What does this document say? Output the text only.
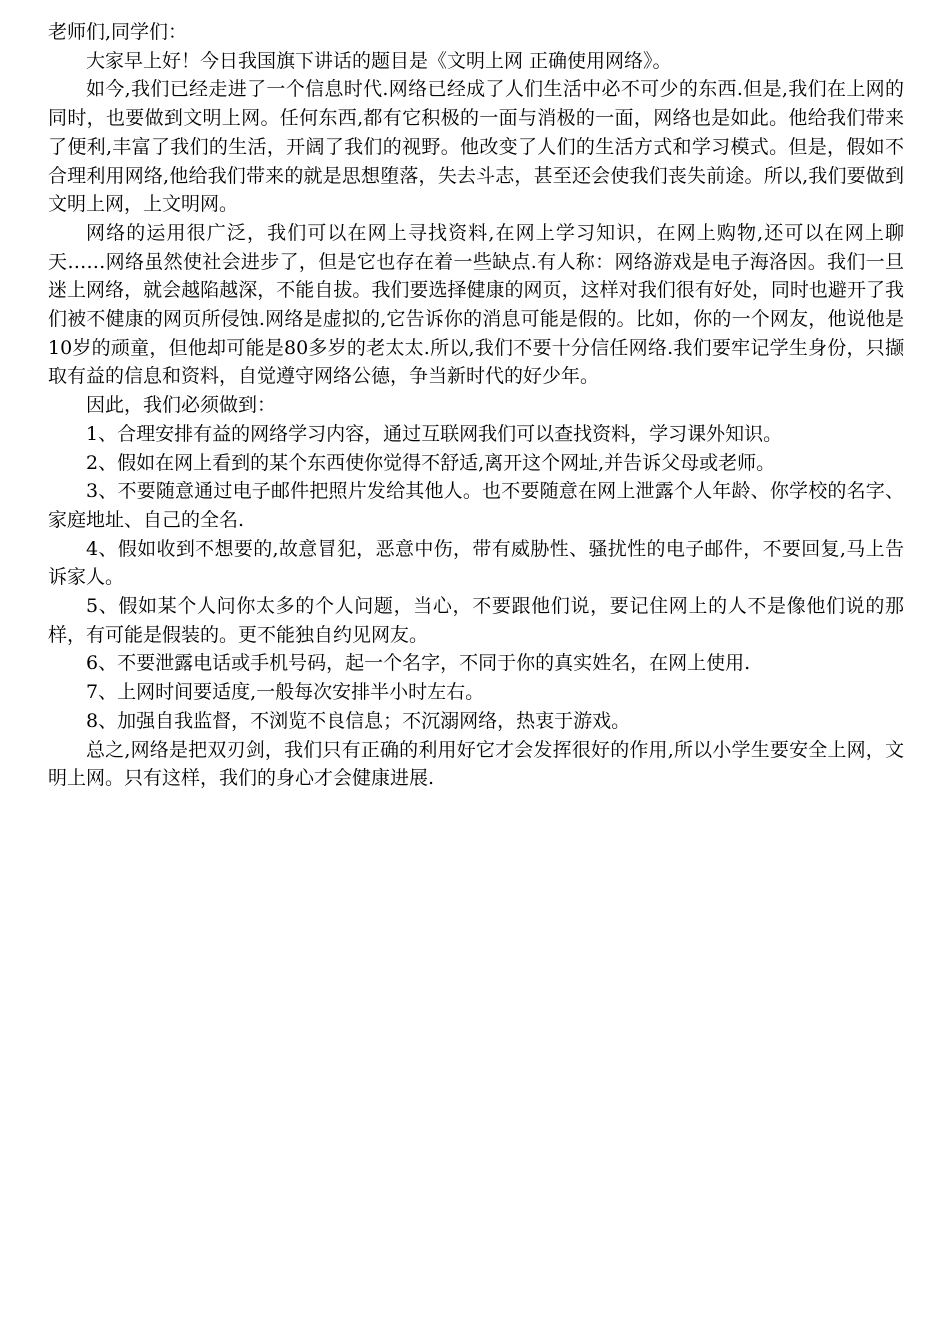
老师们,同学们：

大家早上好！今日我国旗下讲话的题目是《文明上网 正确使用网络》。

如今,我们已经走进了一个信息时代.网络已经成了人们生活中必不可少的东西.但是,我们在上网的同时，也要做到文明上网。任何东西,都有它积极的一面与消极的一面，网络也是如此。他给我们带来了便利,丰富了我们的生活，开阔了我们的视野。他改变了人们的生活方式和学习模式。但是，假如不合理利用网络,他给我们带来的就是思想堕落，失去斗志，甚至还会使我们丧失前途。所以,我们要做到文明上网，上文明网。

网络的运用很广泛，我们可以在网上寻找资料,在网上学习知识，在网上购物,还可以在网上聊天……网络虽然使社会进步了，但是它也存在着一些缺点.有人称：网络游戏是电子海洛因。我们一旦迷上网络，就会越陷越深，不能自拔。我们要选择健康的网页，这样对我们很有好处，同时也避开了我们被不健康的网页所侵蚀.网络是虚拟的,它告诉你的消息可能是假的。比如，你的一个网友，他说他是10岁的顽童，但他却可能是80多岁的老太太.所以,我们不要十分信任网络.我们要牢记学生身份，只撷取有益的信息和资料，自觉遵守网络公德，争当新时代的好少年。

因此，我们必须做到：

1、合理安排有益的网络学习内容，通过互联网我们可以查找资料，学习课外知识。

2、假如在网上看到的某个东西使你觉得不舒适,离开这个网址,并告诉父母或老师。

3、不要随意通过电子邮件把照片发给其他人。也不要随意在网上泄露个人年龄、你学校的名字、家庭地址、自己的全名.

4、假如收到不想要的,故意冒犯，恶意中伤，带有威胁性、骚扰性的电子邮件，不要回复,马上告诉家人。

5、假如某个人问你太多的个人问题，当心，不要跟他们说，要记住网上的人不是像他们说的那样，有可能是假装的。更不能独自约见网友。

6、不要泄露电话或手机号码，起一个名字，不同于你的真实姓名，在网上使用.

7、上网时间要适度,一般每次安排半小时左右。

8、加强自我监督，不浏览不良信息；不沉溺网络，热衷于游戏。

总之,网络是把双刃剑，我们只有正确的利用好它才会发挥很好的作用,所以小学生要安全上网，文明上网。只有这样，我们的身心才会健康进展.
